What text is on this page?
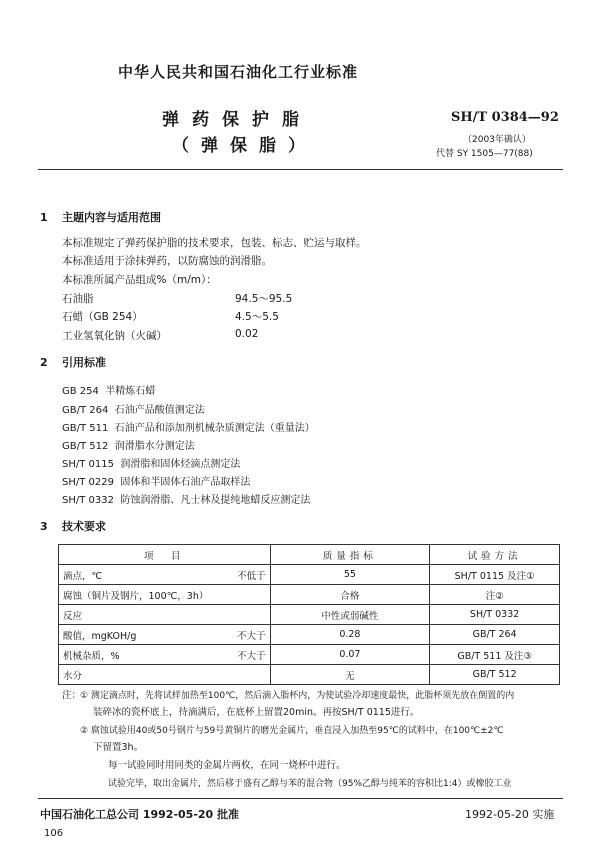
中华人民共和国石油化工行业标准
弹药保护脂
（弹保脂）
SH/T 0384—92
（2003年确认）
代替 SY 1505—77(88)
1 主题内容与适用范围
本标准规定了弹药保护脂的技术要求，包装、标志、贮运与取样。
本标准适用于涂抹弹药，以防腐蚀的润滑脂。
本标准所属产品组成%（m/m）：
石油脂	94.5～95.5
石蜡（GB 254）	4.5～5.5
工业氢氧化钠（火碱）	0.02
2 引用标准
GB 254 半精炼石蜡
GB/T 264 石油产品酸值测定法
GB/T 511 石油产品和添加剂机械杂质测定法（重量法）
GB/T 512 润滑脂水分测定法
SH/T 0115 润滑脂和固体烃滴点测定法
SH/T 0229 固体和半固体石油产品取样法
SH/T 0332 防蚀润滑脂、凡士林及提纯地蜡反应测定法
3 技术要求
项　目	质量指标	试验方法
滴点，℃ 不低于	55	SH/T 0115 及注①
腐蚀（铜片及钢片，100℃，3h）	合格	注②
反应	中性或弱碱性	SH/T 0332
酸值，mgKOH/g 不大于	0.28	GB/T 264
机械杂质，% 不大于	0.07	GB/T 511 及注③
水分	无	GB/T 512
注：
① 测定滴点时，先将试样加热至100℃，然后滴入脂杯内，为使试验冷却速度最快，此脂杯须先放在倒置的内
装碎冰的瓷杯底上，待滴满后，在底杯上留置20min。再按SH/T 0115进行。
② 腐蚀试验用40或50号钢片与59号黄铜片的磨光金属片，垂直浸入加热至95℃的试料中，在100℃±2℃
下留置3h。
每一试验同时用同类的金属片两枚，在同一烧杯中进行。
试验完毕，取出金属片，然后移于盛有乙醇与苯的混合物（95%乙醇与纯苯的容积比1:4）或橡胶工业
中国石油化工总公司 1992-05-20 批准	1992-05-20 实施
106
